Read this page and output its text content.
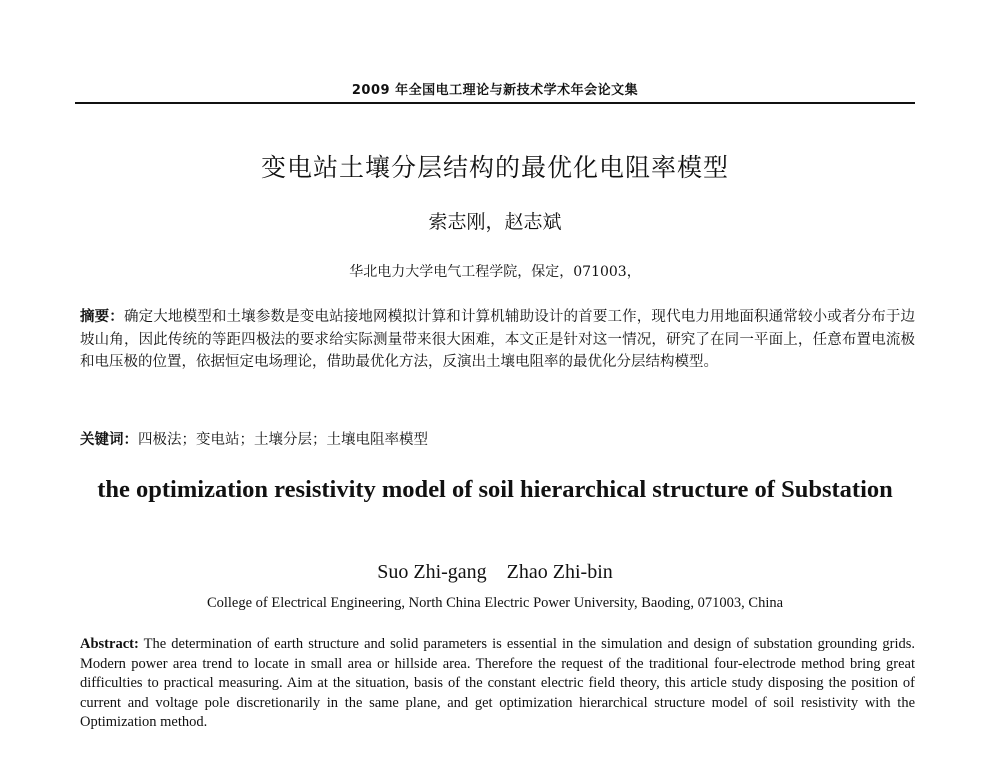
2009 年全国电工理论与新技术学术年会论文集
变电站土壤分层结构的最优化电阻率模型
索志刚，赵志斌
华北电力大学电气工程学院，保定，071003，
摘要：确定大地模型和土壤参数是变电站接地网模拟计算和计算机辅助设计的首要工作，现代电力用地面积通常较小或者分布于边坡山角，因此传统的等距四极法的要求给实际测量带来很大困难，本文正是针对这一情况，研究了在同一平面上，任意布置电流极和电压极的位置，依据恒定电场理论，借助最优化方法，反演出土壤电阻率的最优化分层结构模型。
关键词：四极法；变电站；土壤分层；土壤电阻率模型
the optimization resistivity model of soil hierarchical structure of Substation
Suo Zhi-gang Zhao Zhi-bin
College of Electrical Engineering, North China Electric Power University, Baoding, 071003, China
Abstract: The determination of earth structure and solid parameters is essential in the simulation and design of substation grounding grids. Modern power area trend to locate in small area or hillside area. Therefore the request of the traditional four-electrode method bring great difficulties to practical measuring. Aim at the situation, basis of the constant electric field theory, this article study disposing the position of current and voltage pole discretionarily in the same plane, and get optimization hierarchical structure model of soil resistivity with the Optimization method.
